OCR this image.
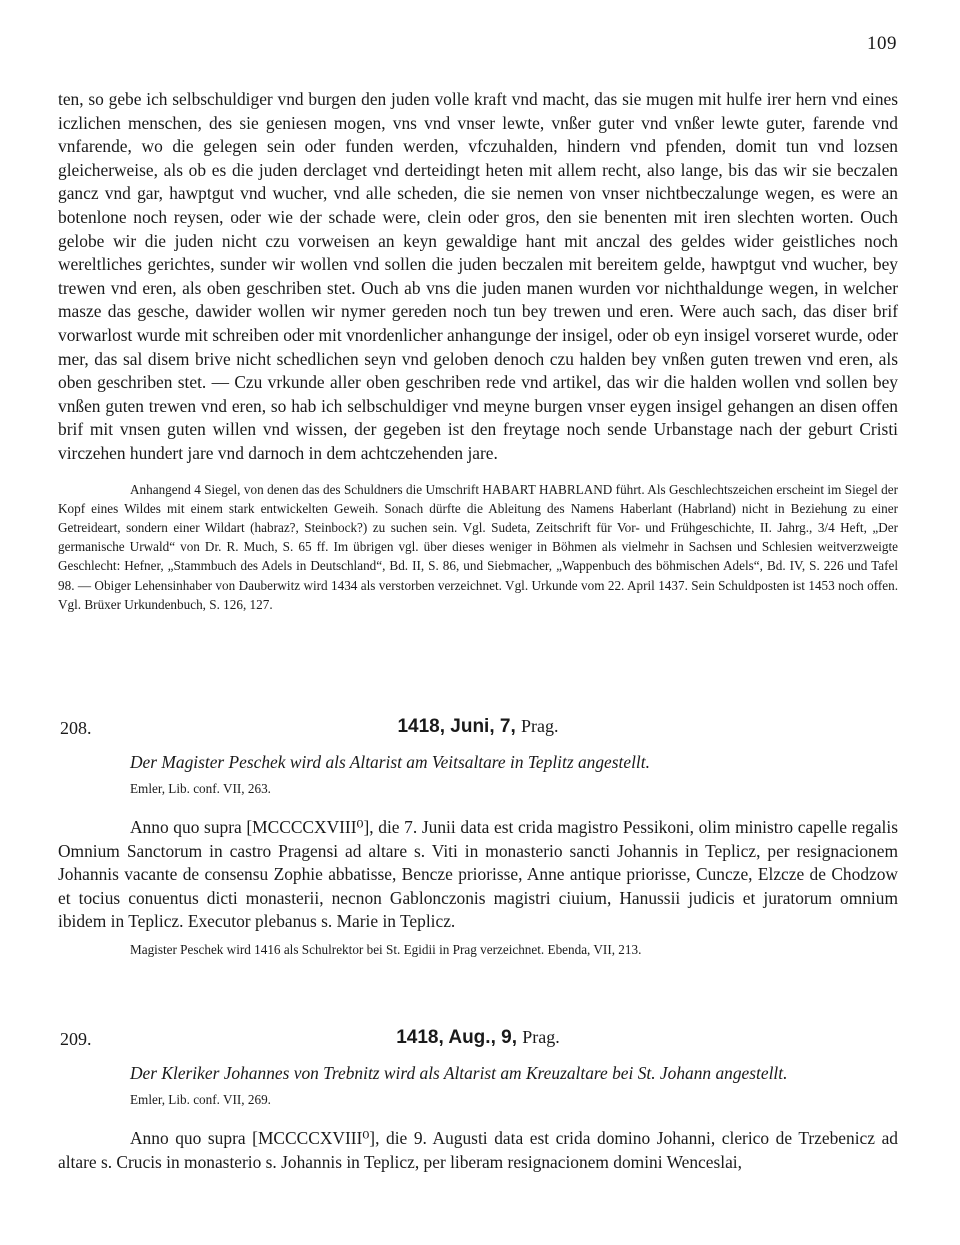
109

ten, so gebe ich selbschuldiger vnd burgen den juden volle kraft vnd macht, das sie mugen mit hulfe irer hern vnd eines iczlichen menschen, des sie geniesen mogen, vns vnd vnser lewte, vnßer guter vnd vnßer lewte guter, farende vnd vnfarende, wo die gelegen sein oder funden werden, vfczuhalden, hindern vnd pfenden, domit tun vnd lozsen gleicherweise, als ob es die juden derclaget vnd derteidingt heten mit allem recht, also lange, bis das wir sie beczalen gancz vnd gar, hawptgut vnd wucher, vnd alle scheden, die sie nemen von vnser nichtbeczalunge wegen, es were an botenlone noch reysen, oder wie der schade were, clein oder gros, den sie benenten mit iren slechten worten. Ouch gelobe wir die juden nicht czu vorweisen an keyn gewaldige hant mit anczal des geldes wider geistliches noch wereltliches gerichtes, sunder wir wollen vnd sollen die juden beczalen mit bereitem gelde, hawptgut vnd wucher, bey trewen vnd eren, als oben geschriben stet. Ouch ab vns die juden manen wurden vor nichthaldunge wegen, in welcher masze das gesche, dawider wollen wir nymer gereden noch tun bey trewen und eren. Were auch sach, das diser brif vorwarlost wurde mit schreiben oder mit vnordenlicher anhangunge der insigel, oder ob eyn insigel vorseret wurde, oder mer, das sal disem brive nicht schedlichen seyn vnd geloben denoch czu halden bey vnßen guten trewen vnd eren, als oben geschriben stet. — Czu vrkunde aller oben geschriben rede vnd artikel, das wir die halden wollen vnd sollen bey vnßen guten trewen vnd eren, so hab ich selbschuldiger vnd meyne burgen vnser eygen insigel gehangen an disen offen brif mit vnsen guten willen vnd wissen, der gegeben ist den freytage noch sende Urbanstage nach der geburt Cristi virczehen hundert jare vnd darnoch in dem achtczehenden jare.

Anhangend 4 Siegel, von denen das des Schuldners die Umschrift HABART HABRLAND führt. Als Geschlechtszeichen erscheint im Siegel der Kopf eines Wildes mit einem stark entwickelten Geweih. Sonach dürfte die Ableitung des Namens Haberlant (Habrland) nicht in Beziehung zu einer Getreideart, sondern einer Wildart (habraz?, Steinbock?) zu suchen sein. Vgl. Sudeta, Zeitschrift für Vor- und Frühgeschichte, II. Jahrg., 3/4 Heft, „Der germanische Urwald“ von Dr. R. Much, S. 65 ff. Im übrigen vgl. über dieses weniger in Böhmen als vielmehr in Sachsen und Schlesien weitverzweigte Geschlecht: Hefner, „Stammbuch des Adels in Deutschland“, Bd. II, S. 86, und Siebmacher, „Wappenbuch des böhmischen Adels“, Bd. IV, S. 226 und Tafel 98. — Obiger Lehensinhaber von Dauberwitz wird 1434 als verstorben verzeichnet. Vgl. Urkunde vom 22. April 1437. Sein Schuldposten ist 1453 noch offen. Vgl. Brüxer Urkundenbuch, S. 126, 127.

208.	1418, Juni, 7, Prag.

Der Magister Peschek wird als Altarist am Veitsaltare in Teplitz angestellt.

Emler, Lib. conf. VII, 263.

Anno quo supra [MCCCCXVIII⁰], die 7. Junii data est crida magistro Pessikoni, olim ministro capelle regalis Omnium Sanctorum in castro Pragensi ad altare s. Viti in monasterio sancti Johannis in Teplicz, per resignacionem Johannis vacante de consensu Zophie abbatisse, Bencze priorisse, Anne antique priorisse, Cuncze, Elzcze de Chodzow et tocius conuentus dicti monasterii, necnon Gablonczonis magistri ciuium, Hanussii judicis et juratorum omnium ibidem in Teplicz. Executor plebanus s. Marie in Teplicz.

Magister Peschek wird 1416 als Schulrektor bei St. Egidii in Prag verzeichnet. Ebenda, VII, 213.

209.	1418, Aug., 9, Prag.

Der Kleriker Johannes von Trebnitz wird als Altarist am Kreuzaltare bei St. Johann angestellt.

Emler, Lib. conf. VII, 269.

Anno quo supra [MCCCCXVIII⁰], die 9. Augusti data est crida domino Johanni, clerico de Trzebenicz ad altare s. Crucis in monasterio s. Johannis in Teplicz, per liberam resignacionem domini Wenceslai,
